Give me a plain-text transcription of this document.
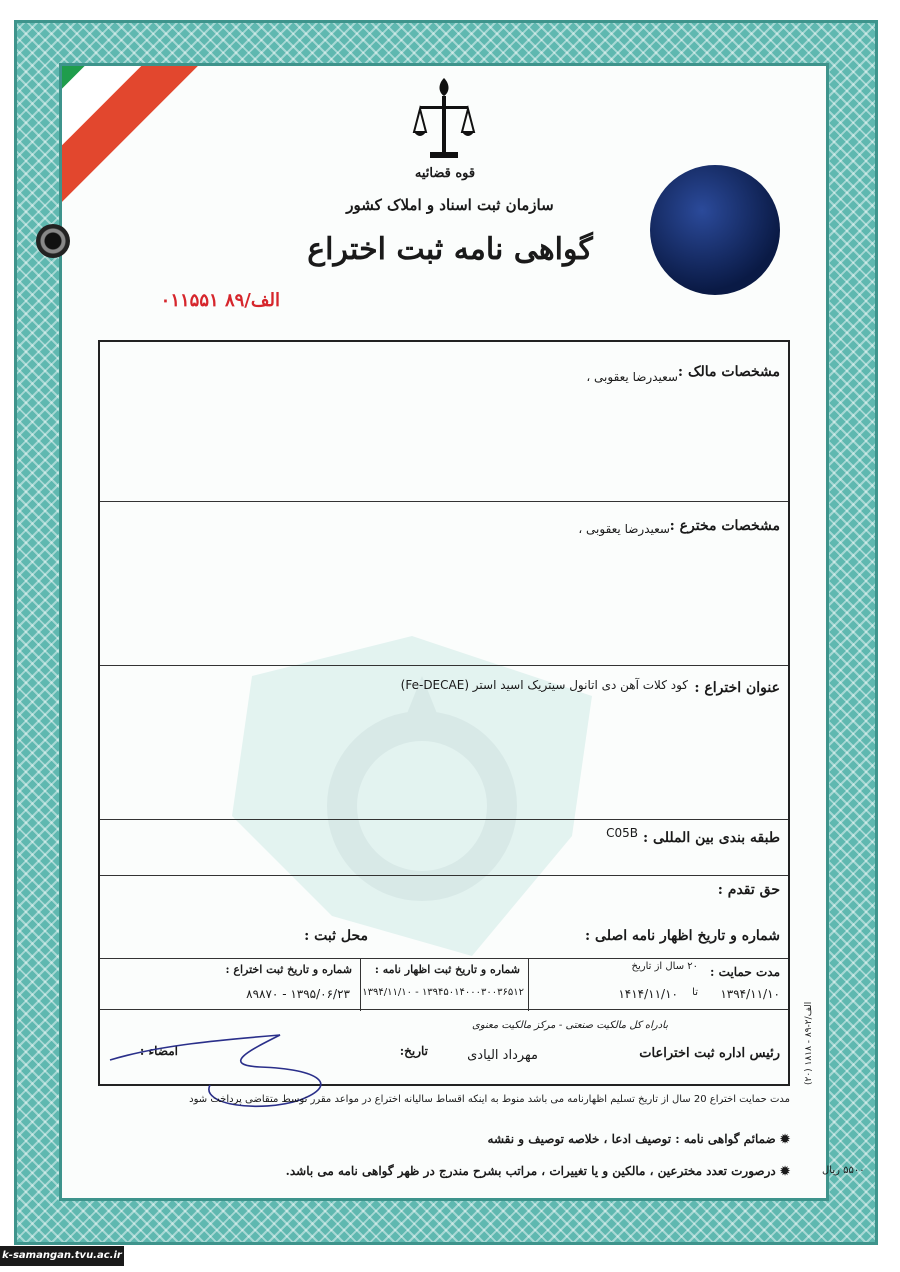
قوه قضائیه
سازمان ثبت اسناد و املاک کشور
گواهی نامه ثبت اختراع
الف/۸۹ ۰۱۱۵۵۱
مشخصات مالک :
سعیدرضا یعقوبی ،
مشخصات مخترع :
سعیدرضا یعقوبی ،
عنوان اختراع :
کود کلات آهن دی اتانول سیتریک اسید استر (Fe-DECAE)
طبقه بندی بین المللی :
C05B
حق تقدم :
شماره و تاریخ اظهار نامه اصلی :
محل ثبت :
مدت حمایت :
۲۰ سال از تاریخ
۱۳۹۴/۱۱/۱۰
تا
۱۴۱۴/۱۱/۱۰
شماره و تاریخ ثبت اظهار نامه :
۱۳۹۴۵۰۱۴۰۰۰۳۰۰۳۶۵۱۲ - ۱۳۹۴/۱۱/۱۰
شماره و تاریخ ثبت اختراع :
۱۳۹۵/۰۶/۲۳ - ۸۹۸۷۰
بادراه کل مالکیت صنعتی - مرکز مالکیت معنوی
رئیس اداره ثبت اختراعات
مهرداد الیادی
تاریخ:
امضاء :
مدت حمایت اختراع 20 سال از تاریخ تسلیم اظهارنامه می باشد منوط به اینکه اقساط سالیانه اختراع در مواعد مقرر توسط متقاضی پرداخت شود
✹ ضمائم گواهی نامه : توصیف ادعا ، خلاصه توصیف و نقشه
✹ درصورت تعدد مخترعین ، مالکین و یا تغییرات ، مراتب بشرح مندرج در ظهر گواهی نامه می باشد.
(۲۰) الف/۲-۸۹ - ۱۸۱۸
۵۵۰۰ ریال
k-samangan.tvu.ac.ir
